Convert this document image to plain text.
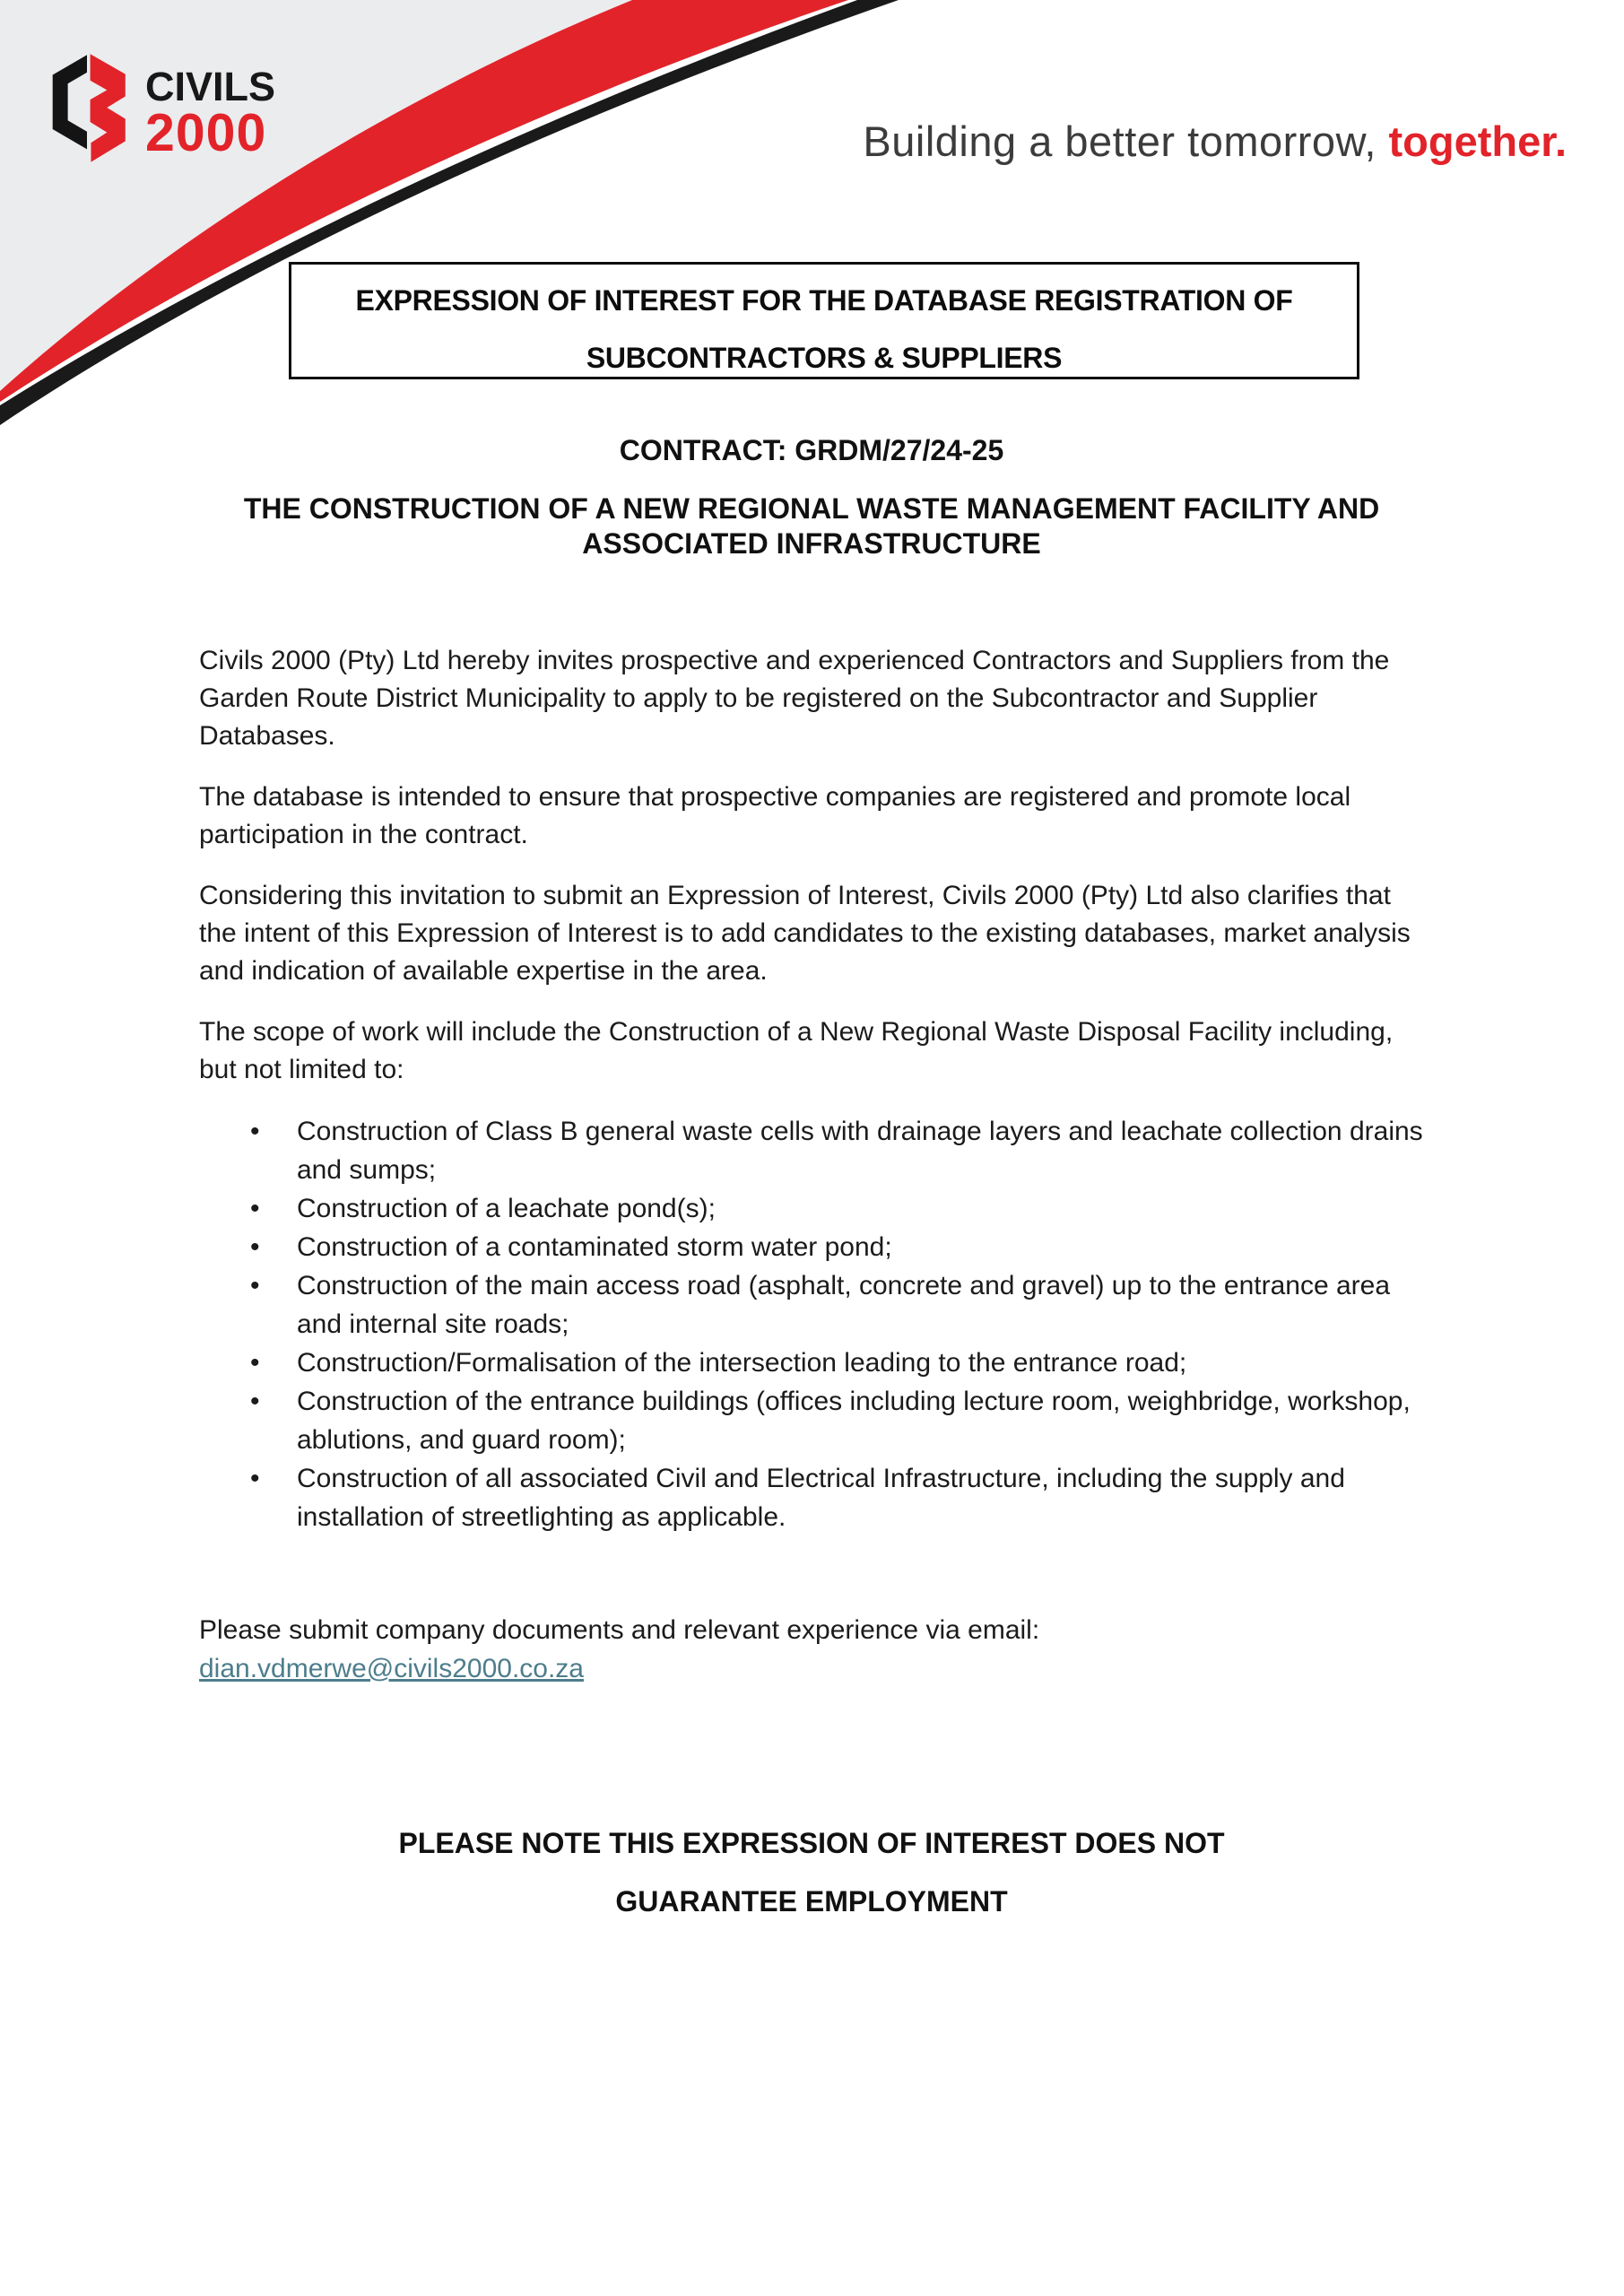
CIVILS
2000	Building a better tomorrow, together.
EXPRESSION OF INTEREST FOR THE DATABASE REGISTRATION OF
SUBCONTRACTORS & SUPPLIERS
CONTRACT: GRDM/27/24-25
THE CONSTRUCTION OF A NEW REGIONAL WASTE MANAGEMENT FACILITY AND ASSOCIATED INFRASTRUCTURE

Civils 2000 (Pty) Ltd hereby invites prospective and experienced Contractors and Suppliers from the Garden Route District Municipality to apply to be registered on the Subcontractor and Supplier Databases.

The database is intended to ensure that prospective companies are registered and promote local participation in the contract.

Considering this invitation to submit an Expression of Interest, Civils 2000 (Pty) Ltd also clarifies that the intent of this Expression of Interest is to add candidates to the existing databases, market analysis and indication of available expertise in the area.

The scope of work will include the Construction of a New Regional Waste Disposal Facility including, but not limited to:

• Construction of Class B general waste cells with drainage layers and leachate collection drains and sumps;
• Construction of a leachate pond(s);
• Construction of a contaminated storm water pond;
• Construction of the main access road (asphalt, concrete and gravel) up to the entrance area and internal site roads;
• Construction/Formalisation of the intersection leading to the entrance road;
• Construction of the entrance buildings (offices including lecture room, weighbridge, workshop, ablutions, and guard room);
• Construction of all associated Civil and Electrical Infrastructure, including the supply and installation of streetlighting as applicable.
Please submit company documents and relevant experience via email:
dian.vdmerwe@civils2000.co.za
PLEASE NOTE THIS EXPRESSION OF INTEREST DOES NOT
GUARANTEE EMPLOYMENT
